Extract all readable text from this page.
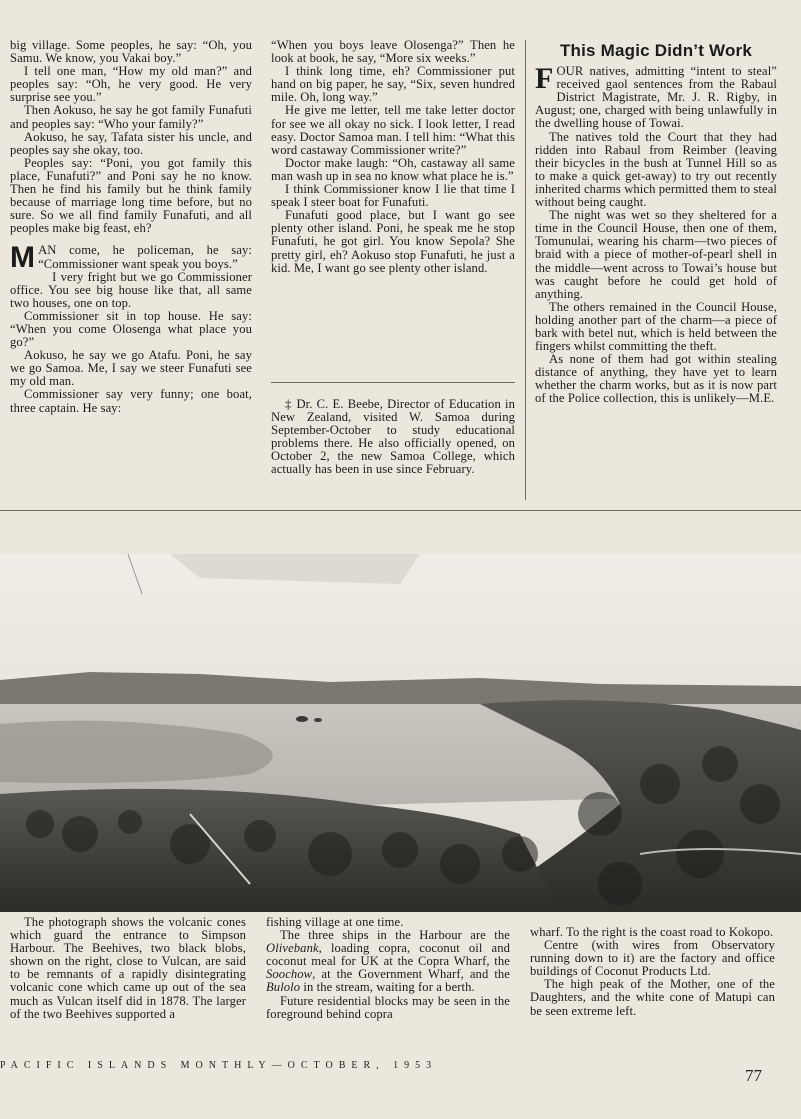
big village. Some peoples, he say: “Oh, you Samu. We know, you Vakai boy.”

I tell one man, “How my old man?” and peoples say: “Oh, he very good. He very surprise see you.”

Then Aokuso, he say he got family Funafuti and peoples say: “Who your family?”

Aokuso, he say, Tafata sister his uncle, and peoples say she okay, too.

Peoples say: “Poni, you got family this place, Funafuti?” and Poni say he no know. Then he find his family but he think family because of marriage long time before, but no sure. So we all find family Funafuti, and all peoples make big feast, eh?

MAN come, he policeman, he say: “Commissioner want speak you boys.”

I very fright but we go Commissioner office. You see big house like that, all same two houses, one on top.

Commissioner sit in top house. He say: “When you come Olosenga what place you go?”

Aokuso, he say we go Atafu. Poni, he say we go Samoa. Me, I say we steer Funafuti see my old man.

Commissioner say very funny; one boat, three captain. He say:

“When you boys leave Olosenga?” Then he look at book, he say, “More six weeks.”

I think long time, eh? Commissioner put hand on big paper, he say, “Six, seven hundred mile. Oh, long way.”

He give me letter, tell me take letter doctor for see we all okay no sick. I look letter, I read easy. Doctor Samoa man. I tell him: “What this word castaway Commissioner write?”

Doctor make laugh: “Oh, castaway all same man wash up in sea no know what place he is.”

I think Commissioner know I lie that time I speak I steer boat for Funafuti.

Funafuti good place, but I want go see plenty other island. Poni, he speak me he stop Funafuti, he got girl. You know Sepola? She pretty girl, eh? Aokuso stop Funafuti, he just a kid. Me, I want go see plenty other island.

‡ Dr. C. E. Beebe, Director of Education in New Zealand, visited W. Samoa during September-October to study educational problems there. He also officially opened, on October 2, the new Samoa College, which actually has been in use since February.

This Magic Didn’t Work

FOUR natives, admitting “intent to steal” received gaol sentences from the Rabaul District Magistrate, Mr. J. R. Rigby, in August; one, charged with being unlawfully in the dwelling house of Towai.

The natives told the Court that they had ridden into Rabaul from Reimber (leaving their bicycles in the bush at Tunnel Hill so as to make a quick get-away) to try out recently inherited charms which permitted them to steal without being caught.

The night was wet so they sheltered for a time in the Council House, then one of them, Tomunulai, wearing his charm—two pieces of braid with a piece of mother-of-pearl shell in the middle—went across to Towai’s house but was caught before he could get hold of anything.

The others remained in the Council House, holding another part of the charm—a piece of bark with betel nut, which is held between the fingers whilst committing the theft.

As none of them had got within stealing distance of anything, they have yet to learn whether the charm works, but as it is now part of the Police collection, this is unlikely—M.E.

The photograph shows the volcanic cones which guard the entrance to Simpson Harbour. The Beehives, two black blobs, shown on the right, close to Vulcan, are said to be remnants of a rapidly disintegrating volcanic cone which came up out of the sea much as Vulcan itself did in 1878. The larger of the two Beehives supported a

fishing village at one time.

The three ships in the Harbour are the Olivebank, loading copra, coconut oil and coconut meal for UK at the Copra Wharf, the Soochow, at the Government Wharf, and the Bulolo in the stream, waiting for a berth.

Future residential blocks may be seen in the foreground behind copra

wharf. To the right is the coast road to Kokopo.

Centre (with wires from Observatory running down to it) are the factory and office buildings of Coconut Products Ltd.

The high peak of the Mother, one of the Daughters, and the white cone of Matupi can be seen extreme left.

PACIFIC ISLANDS MONTHLY—OCTOBER, 1953
77
